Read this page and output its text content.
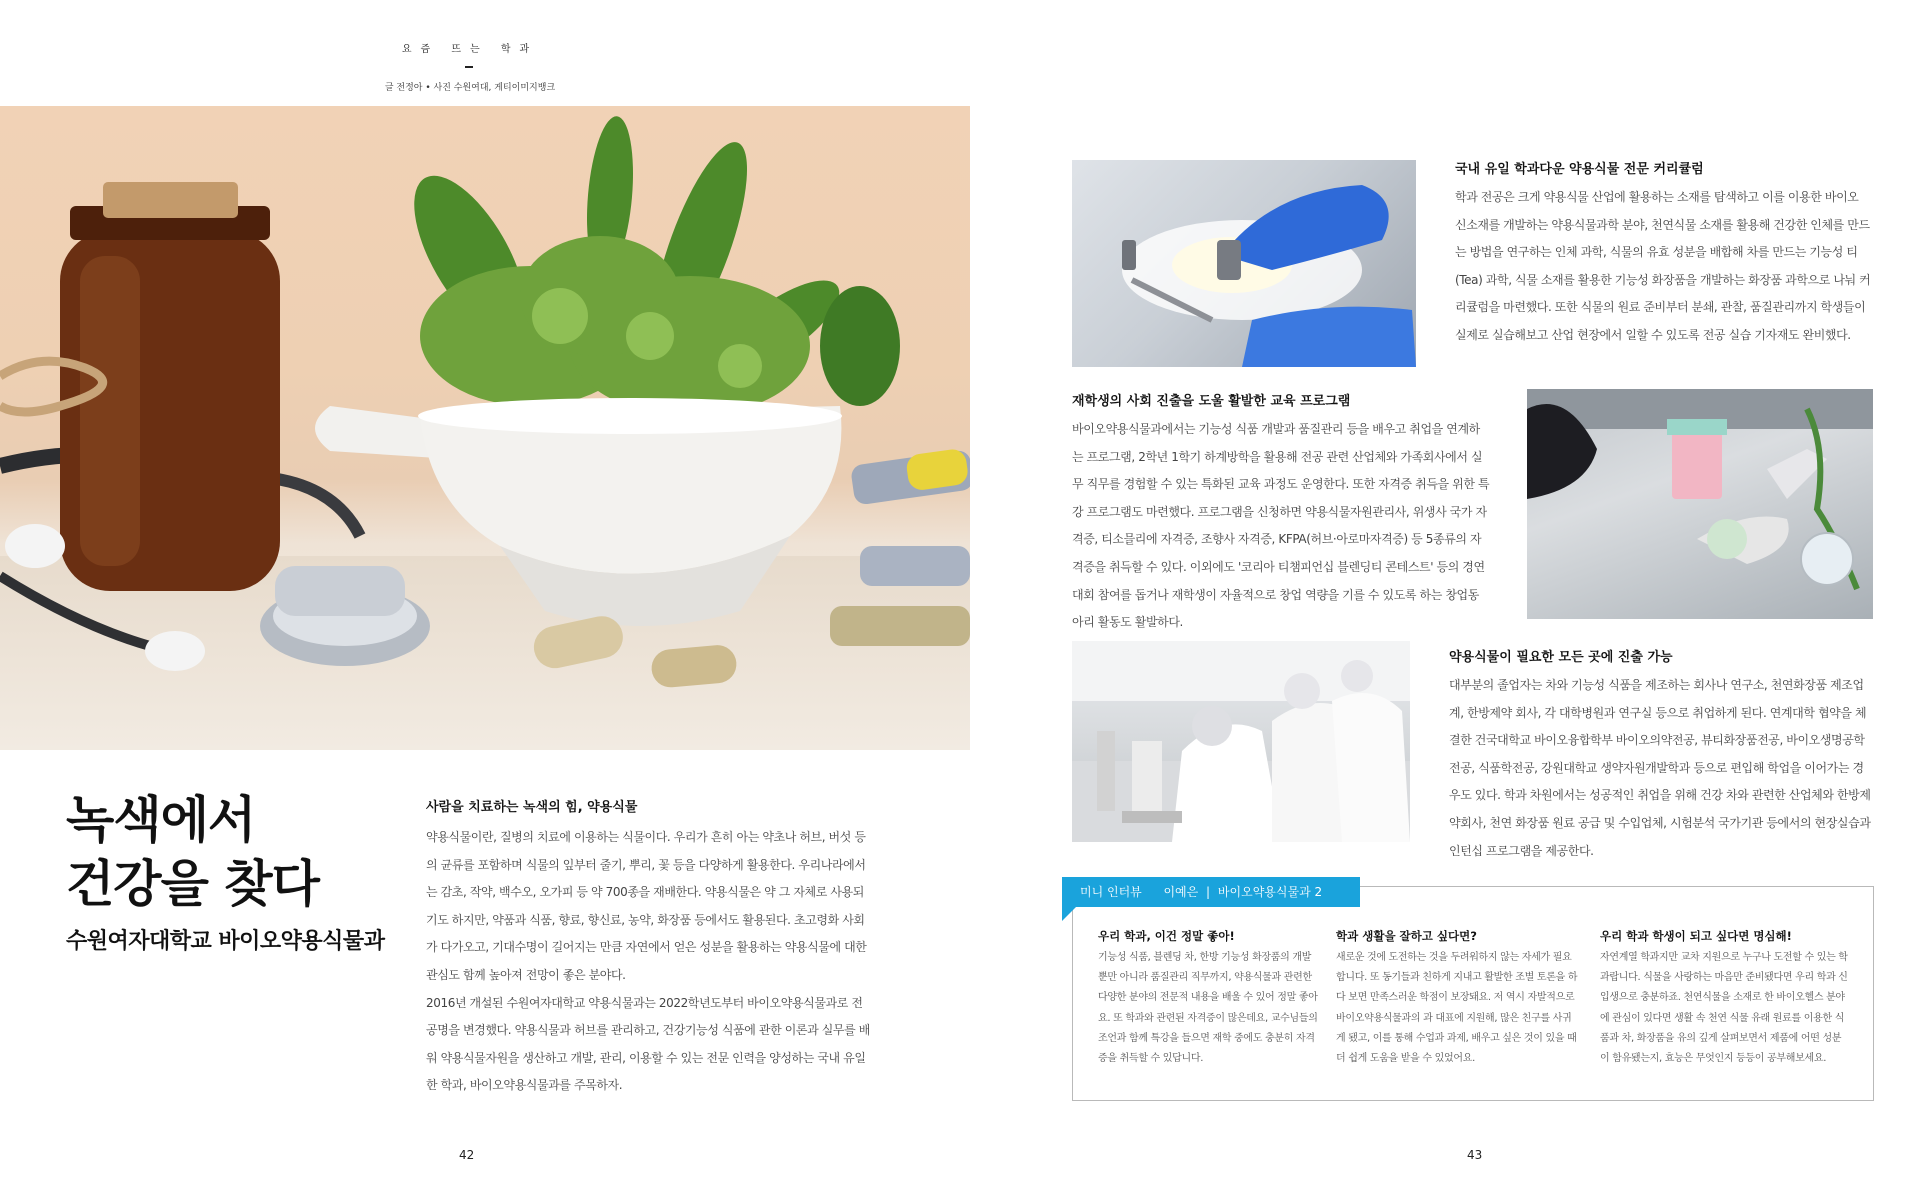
요즘 뜨는 학과
글 전정아 • 사진 수원여대, 게티이미지뱅크
녹색에서
건강을 찾다
수원여자대학교 바이오약용식물과
사람을 치료하는 녹색의 힘, 약용식물

약용식물이란, 질병의 치료에 이용하는 식물이다. 우리가 흔히 아는 약초나 허브, 버섯 등의 균류를 포함하며 식물의 잎부터 줄기, 뿌리, 꽃 등을 다양하게 활용한다. 우리나라에서는 감초, 작약, 백수오, 오가피 등 약 700종을 재배한다. 약용식물은 약 그 자체로 사용되기도 하지만, 약품과 식품, 향료, 향신료, 농약, 화장품 등에서도 활용된다. 초고령화 사회가 다가오고, 기대수명이 길어지는 만큼 자연에서 얻은 성분을 활용하는 약용식물에 대한 관심도 함께 높아져 전망이 좋은 분야다.

2016년 개설된 수원여자대학교 약용식물과는 2022학년도부터 바이오약용식물과로 전공명을 변경했다. 약용식물과 허브를 관리하고, 건강기능성 식품에 관한 이론과 실무를 배워 약용식물자원을 생산하고 개발, 관리, 이용할 수 있는 전문 인력을 양성하는 국내 유일한 학과, 바이오약용식물과를 주목하자.

42
국내 유일 학과다운 약용식물 전문 커리큘럼
학과 전공은 크게 약용식물 산업에 활용하는 소재를 탐색하고 이를 이용한 바이오 신소재를 개발하는 약용식물과학 분야, 천연식물 소재를 활용해 건강한 인체를 만드는 방법을 연구하는 인체 과학, 식물의 유효 성분을 배합해 차를 만드는 기능성 티(Tea) 과학, 식물 소재를 활용한 기능성 화장품을 개발하는 화장품 과학으로 나눠 커리큘럼을 마련했다. 또한 식물의 원료 준비부터 분쇄, 관찰, 품질관리까지 학생들이 실제로 실습해보고 산업 현장에서 일할 수 있도록 전공 실습 기자재도 완비했다.
재학생의 사회 진출을 도울 활발한 교육 프로그램
바이오약용식물과에서는 기능성 식품 개발과 품질관리 등을 배우고 취업을 연계하는 프로그램, 2학년 1학기 하계방학을 활용해 전공 관련 산업체와 가족회사에서 실무 직무를 경험할 수 있는 특화된 교육 과정도 운영한다. 또한 자격증 취득을 위한 특강 프로그램도 마련했다. 프로그램을 신청하면 약용식물자원관리사, 위생사 국가 자격증, 티소믈리에 자격증, 조향사 자격증, KFPA(허브·아로마자격증) 등 5종류의 자격증을 취득할 수 있다. 이외에도 '코리아 티챔피언십 블렌딩티 콘테스트' 등의 경연대회 참여를 돕거나 재학생이 자율적으로 창업 역량을 기를 수 있도록 하는 창업동아리 활동도 활발하다.
약용식물이 필요한 모든 곳에 진출 가능
대부분의 졸업자는 차와 기능성 식품을 제조하는 회사나 연구소, 천연화장품 제조업계, 한방제약 회사, 각 대학병원과 연구실 등으로 취업하게 된다. 연계대학 협약을 체결한 건국대학교 바이오융합학부 바이오의약전공, 뷰티화장품전공, 바이오생명공학전공, 식품학전공, 강원대학교 생약자원개발학과 등으로 편입해 학업을 이어가는 경우도 있다. 학과 차원에서는 성공적인 취업을 위해 건강 차와 관련한 산업체와 한방제약회사, 천연 화장품 원료 공급 및 수입업체, 시험분석 국가기관 등에서의 현장실습과 인턴십 프로그램을 제공한다.
미니 인터뷰 이예은 | 바이오약용식물과 2
우리 학과, 이건 정말 좋아!
기능성 식품, 블렌딩 차, 한방 기능성 화장품의 개발뿐만 아니라 품질관리 직무까지, 약용식물과 관련한 다양한 분야의 전문적 내용을 배울 수 있어 정말 좋아요. 또 학과와 관련된 자격증이 많은데요, 교수님들의 조언과 함께 특강을 들으면 재학 중에도 충분히 자격증을 취득할 수 있답니다.
학과 생활을 잘하고 싶다면?
새로운 것에 도전하는 것을 두려워하지 않는 자세가 필요합니다. 또 동기들과 친하게 지내고 활발한 조별 토론을 하다 보면 만족스러운 학점이 보장돼요. 저 역시 자발적으로 바이오약용식물과의 과 대표에 지원해, 많은 친구를 사귀게 됐고, 이를 통해 수업과 과제, 배우고 싶은 것이 있을 때 더 쉽게 도움을 받을 수 있었어요.
우리 학과 학생이 되고 싶다면 명심해!
자연계열 학과지만 교차 지원으로 누구나 도전할 수 있는 학과랍니다. 식물을 사랑하는 마음만 준비됐다면 우리 학과 신입생으로 충분하죠. 천연식물을 소재로 한 바이오헬스 분야에 관심이 있다면 생활 속 천연 식물 유래 원료를 이용한 식품과 차, 화장품을 유의 깊게 살펴보면서 제품에 어떤 성분이 함유됐는지, 효능은 무엇인지 등등이 공부해보세요.
43
